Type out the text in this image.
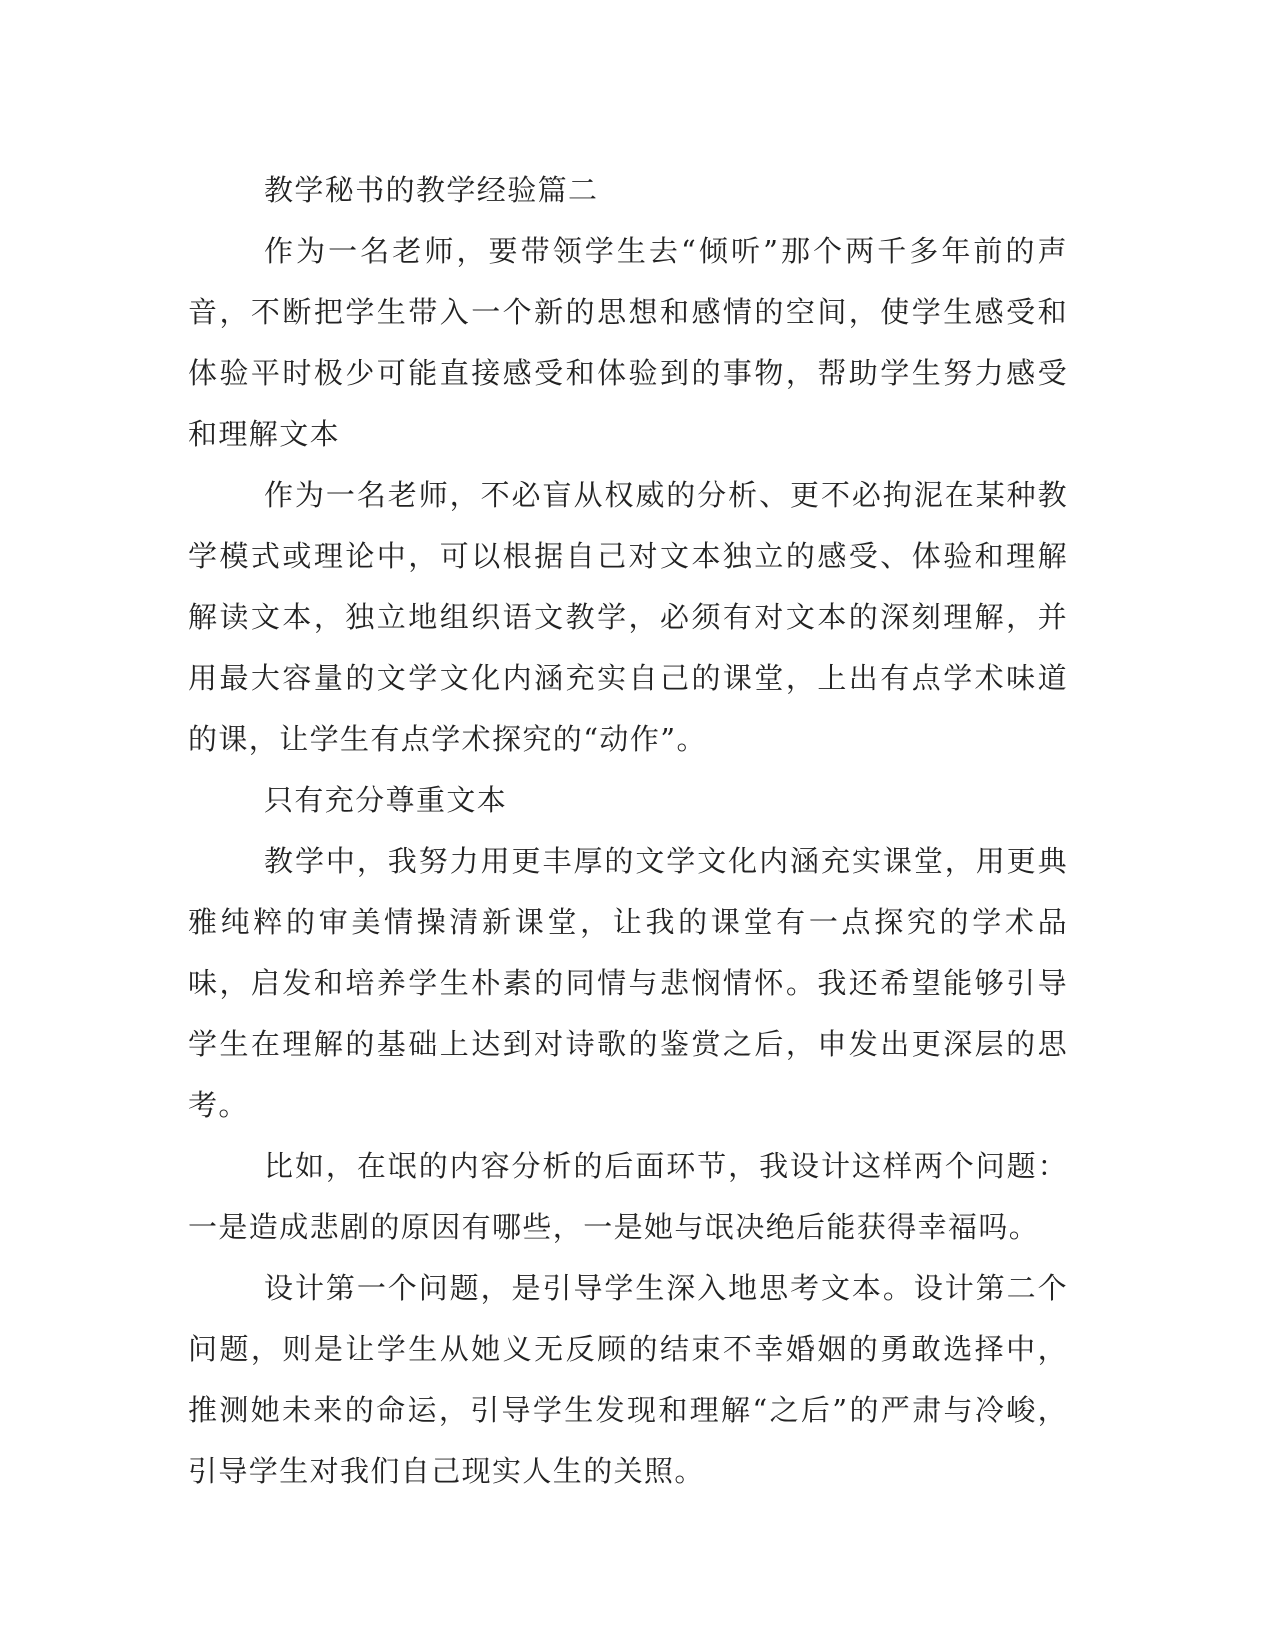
教学秘书的教学经验篇二

作为一名老师，要带领学生去“倾听”那个两千多年前的声音，不断把学生带入一个新的思想和感情的空间，使学生感受和体验平时极少可能直接感受和体验到的事物，帮助学生努力感受和理解文本

作为一名老师，不必盲从权威的分析、更不必拘泥在某种教学模式或理论中，可以根据自己对文本独立的感受、体验和理解解读文本，独立地组织语文教学，必须有对文本的深刻理解，并用最大容量的文学文化内涵充实自己的课堂，上出有点学术味道的课，让学生有点学术探究的“动作”。

只有充分尊重文本

教学中，我努力用更丰厚的文学文化内涵充实课堂，用更典雅纯粹的审美情操清新课堂，让我的课堂有一点探究的学术品味，启发和培养学生朴素的同情与悲悯情怀。我还希望能够引导学生在理解的基础上达到对诗歌的鉴赏之后，申发出更深层的思考。

比如，在氓的内容分析的后面环节，我设计这样两个问题：一是造成悲剧的原因有哪些，一是她与氓决绝后能获得幸福吗。

设计第一个问题，是引导学生深入地思考文本。设计第二个问题，则是让学生从她义无反顾的结束不幸婚姻的勇敢选择中，推测她未来的命运，引导学生发现和理解“之后”的严肃与冷峻，引导学生对我们自己现实人生的关照。
